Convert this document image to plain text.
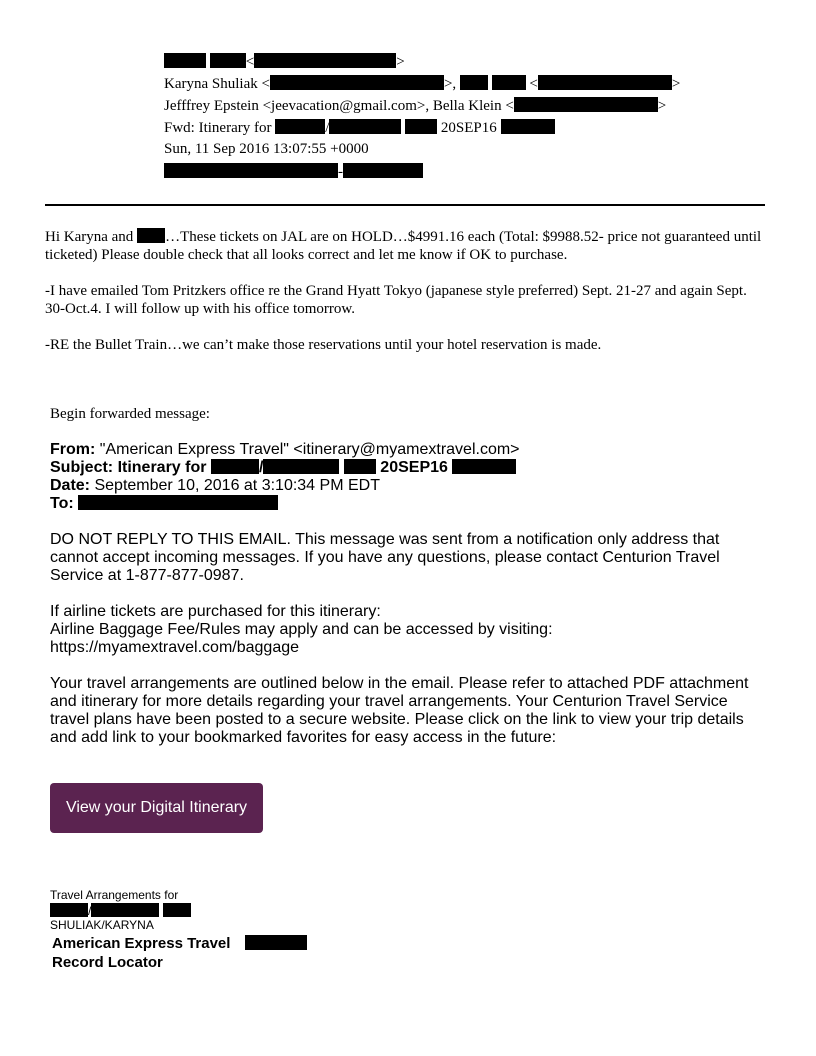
<	>
Karyna Shuliak <	>,	<	>
Jefffrey Epstein <jeevacation@gmail.com>, Bella Klein <	>
Fwd: Itinerary for	/	20SEP16
Sun, 11 Sep 2016 13:07:55 +0000
-
Hi Karyna and …These tickets on JAL are on HOLD…$4991.16 each (Total: $9988.52- price not guaranteed until ticketed) Please double check that all looks correct and let me know if OK to purchase.
-I have emailed Tom Pritzkers office re the Grand Hyatt Tokyo (japanese style preferred) Sept. 21-27 and again Sept. 30-Oct.4. I will follow up with his office tomorrow.
-RE the Bullet Train…we can’t make those reservations until your hotel reservation is made.
Begin forwarded message:
From: "American Express Travel" <itinerary@myamextravel.com>
Subject: Itinerary for	/	20SEP16
Date: September 10, 2016 at 3:10:34 PM EDT
To:
DO NOT REPLY TO THIS EMAIL. This message was sent from a notification only address that cannot accept incoming messages. If you have any questions, please contact Centurion Travel Service at 1-877-877-0987.
If airline tickets are purchased for this itinerary:
Airline Baggage Fee/Rules may apply and can be accessed by visiting:
https://myamextravel.com/baggage
Your travel arrangements are outlined below in the email. Please refer to attached PDF attachment and itinerary for more details regarding your travel arrangements. Your Centurion Travel Service travel plans have been posted to a secure website. Please click on the link to view your trip details and add link to your bookmarked favorites for easy access in the future:
View your Digital Itinerary
Travel Arrangements for
/
SHULIAK/KARYNA
American Express Travel
Record Locator
